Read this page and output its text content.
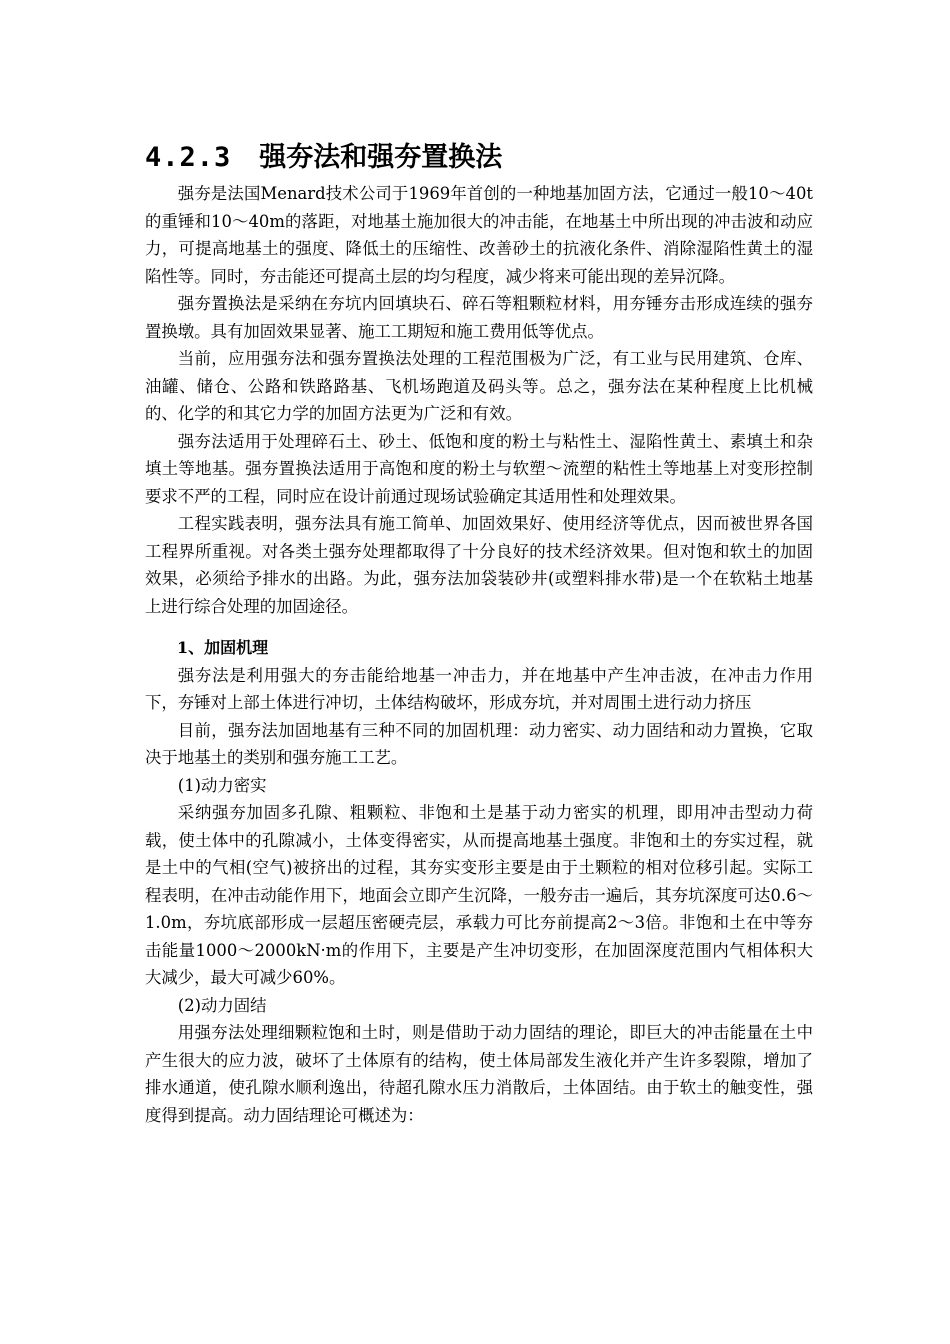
4.2.3 强夯法和强夯置换法

强夯是法国Menard技术公司于1969年首创的一种地基加固方法，它通过一般10～40t的重锤和10～40m的落距，对地基土施加很大的冲击能，在地基土中所出现的冲击波和动应力，可提高地基土的强度、降低土的压缩性、改善砂土的抗液化条件、消除湿陷性黄土的湿陷性等。同时，夯击能还可提高土层的均匀程度，减少将来可能出现的差异沉降。

强夯置换法是采纳在夯坑内回填块石、碎石等粗颗粒材料，用夯锤夯击形成连续的强夯置换墩。具有加固效果显著、施工工期短和施工费用低等优点。

当前，应用强夯法和强夯置换法处理的工程范围极为广泛，有工业与民用建筑、仓库、油罐、储仓、公路和铁路路基、飞机场跑道及码头等。总之，强夯法在某种程度上比机械的、化学的和其它力学的加固方法更为广泛和有效。

强夯法适用于处理碎石土、砂土、低饱和度的粉土与粘性土、湿陷性黄土、素填土和杂填土等地基。强夯置换法适用于高饱和度的粉土与软塑～流塑的粘性土等地基上对变形控制要求不严的工程，同时应在设计前通过现场试验确定其适用性和处理效果。

工程实践表明，强夯法具有施工简单、加固效果好、使用经济等优点，因而被世界各国工程界所重视。对各类土强夯处理都取得了十分良好的技术经济效果。但对饱和软土的加固效果，必须给予排水的出路。为此，强夯法加袋装砂井(或塑料排水带)是一个在软粘土地基上进行综合处理的加固途径。

1、加固机理

强夯法是利用强大的夯击能给地基一冲击力，并在地基中产生冲击波，在冲击力作用下，夯锤对上部土体进行冲切，土体结构破坏，形成夯坑，并对周围土进行动力挤压

目前，强夯法加固地基有三种不同的加固机理：动力密实、动力固结和动力置换，它取决于地基土的类别和强夯施工工艺。

(1)动力密实

采纳强夯加固多孔隙、粗颗粒、非饱和土是基于动力密实的机理，即用冲击型动力荷载，使土体中的孔隙减小，土体变得密实，从而提高地基土强度。非饱和土的夯实过程，就是土中的气相(空气)被挤出的过程，其夯实变形主要是由于土颗粒的相对位移引起。实际工程表明，在冲击动能作用下，地面会立即产生沉降，一般夯击一遍后，其夯坑深度可达0.6～1.0m，夯坑底部形成一层超压密硬壳层，承载力可比夯前提高2～3倍。非饱和土在中等夯击能量1000～2000kN·m的作用下，主要是产生冲切变形，在加固深度范围内气相体积大大减少，最大可减少60%。

(2)动力固结

用强夯法处理细颗粒饱和土时，则是借助于动力固结的理论，即巨大的冲击能量在土中产生很大的应力波，破坏了土体原有的结构，使土体局部发生液化并产生许多裂隙，增加了排水通道，使孔隙水顺利逸出，待超孔隙水压力消散后，土体固结。由于软土的触变性，强度得到提高。动力固结理论可概述为：
